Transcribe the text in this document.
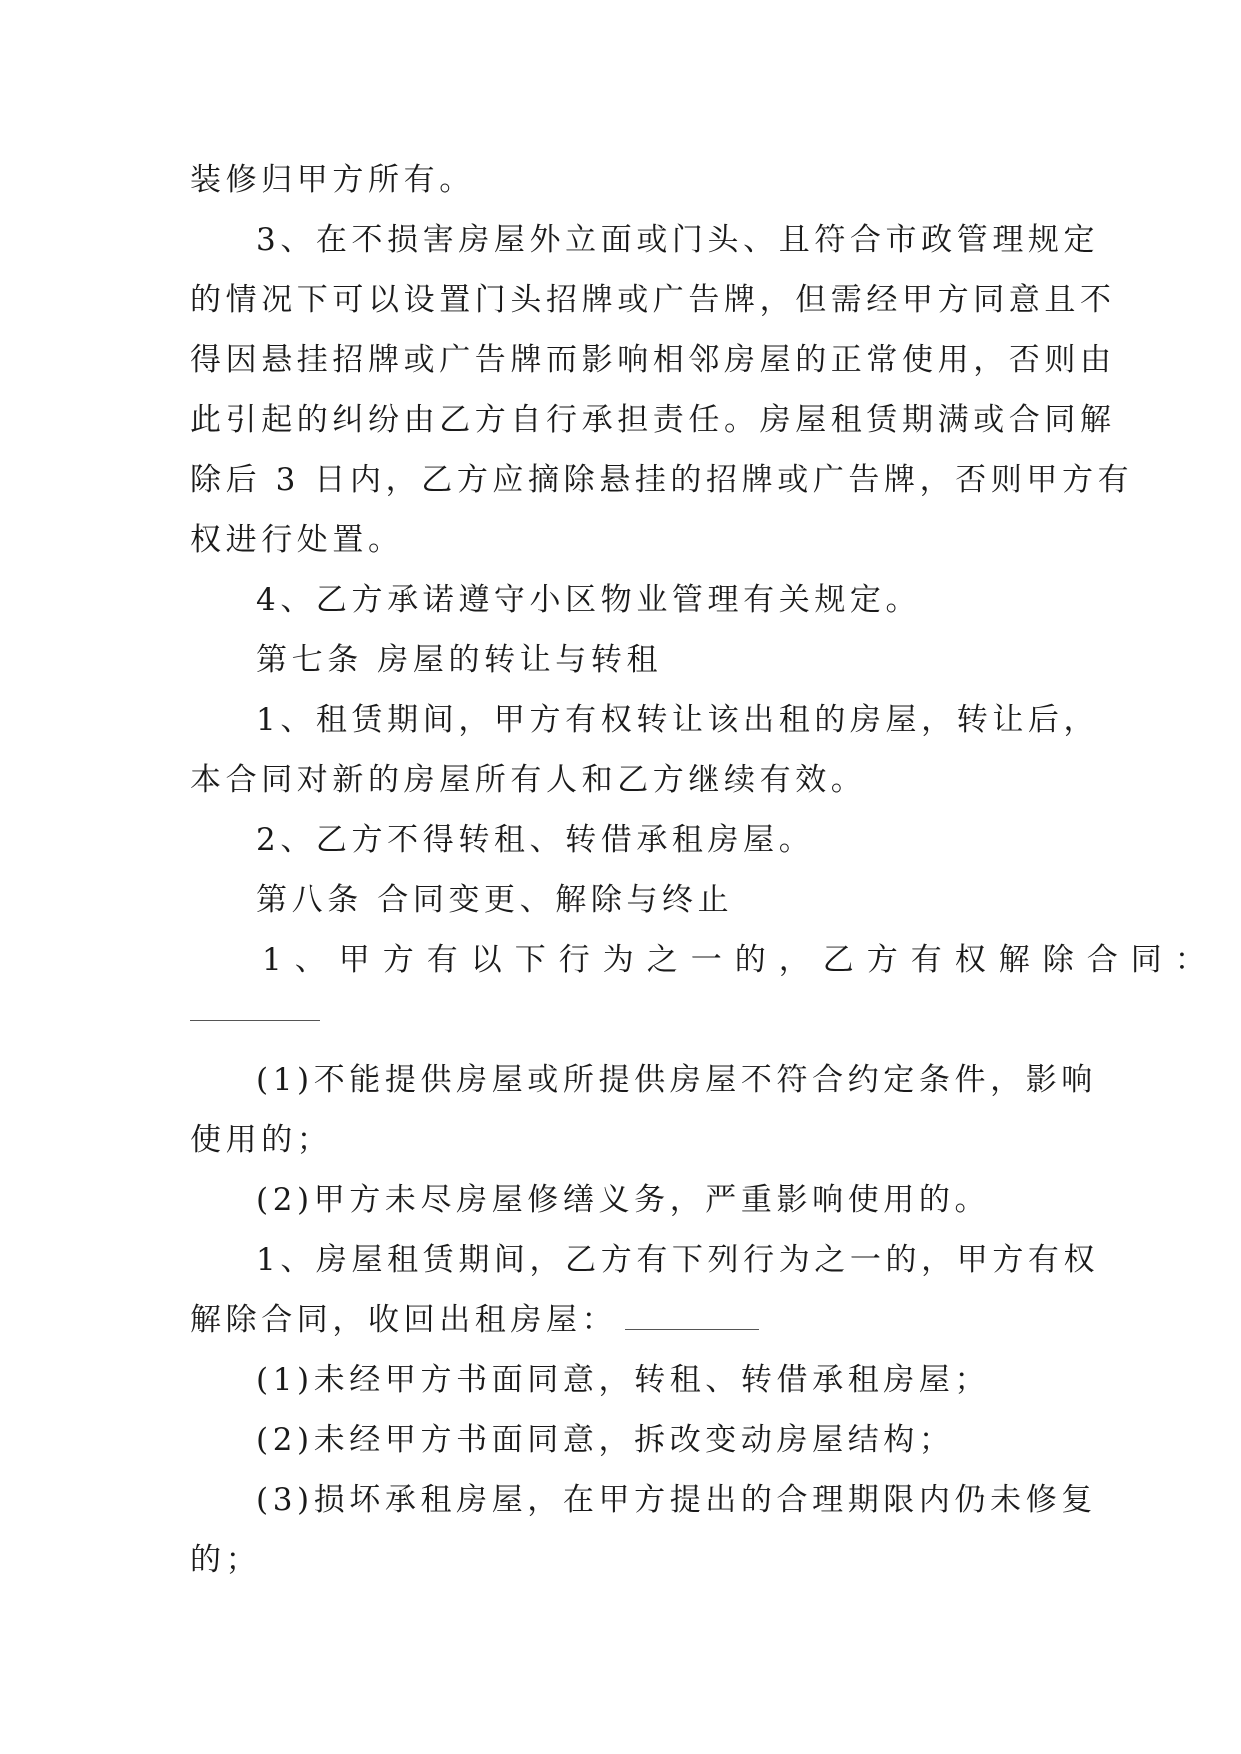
装修归甲方所有。
3、在不损害房屋外立面或门头、且符合市政管理规定
的情况下可以设置门头招牌或广告牌，但需经甲方同意且不
得因悬挂招牌或广告牌而影响相邻房屋的正常使用，否则由
此引起的纠纷由乙方自行承担责任。房屋租赁期满或合同解
除后 3 日内，乙方应摘除悬挂的招牌或广告牌，否则甲方有
权进行处置。
4、乙方承诺遵守小区物业管理有关规定。
第七条 房屋的转让与转租
1、租赁期间，甲方有权转让该出租的房屋，转让后，
本合同对新的房屋所有人和乙方继续有效。
2、乙方不得转租、转借承租房屋。
第八条 合同变更、解除与终止
1、甲方有以下行为之一的，乙方有权解除合同：
(1)不能提供房屋或所提供房屋不符合约定条件，影响
使用的；
(2)甲方未尽房屋修缮义务，严重影响使用的。
1、房屋租赁期间，乙方有下列行为之一的，甲方有权
解除合同，收回出租房屋：
(1)未经甲方书面同意，转租、转借承租房屋；
(2)未经甲方书面同意，拆改变动房屋结构；
(3)损坏承租房屋，在甲方提出的合理期限内仍未修复
的；
